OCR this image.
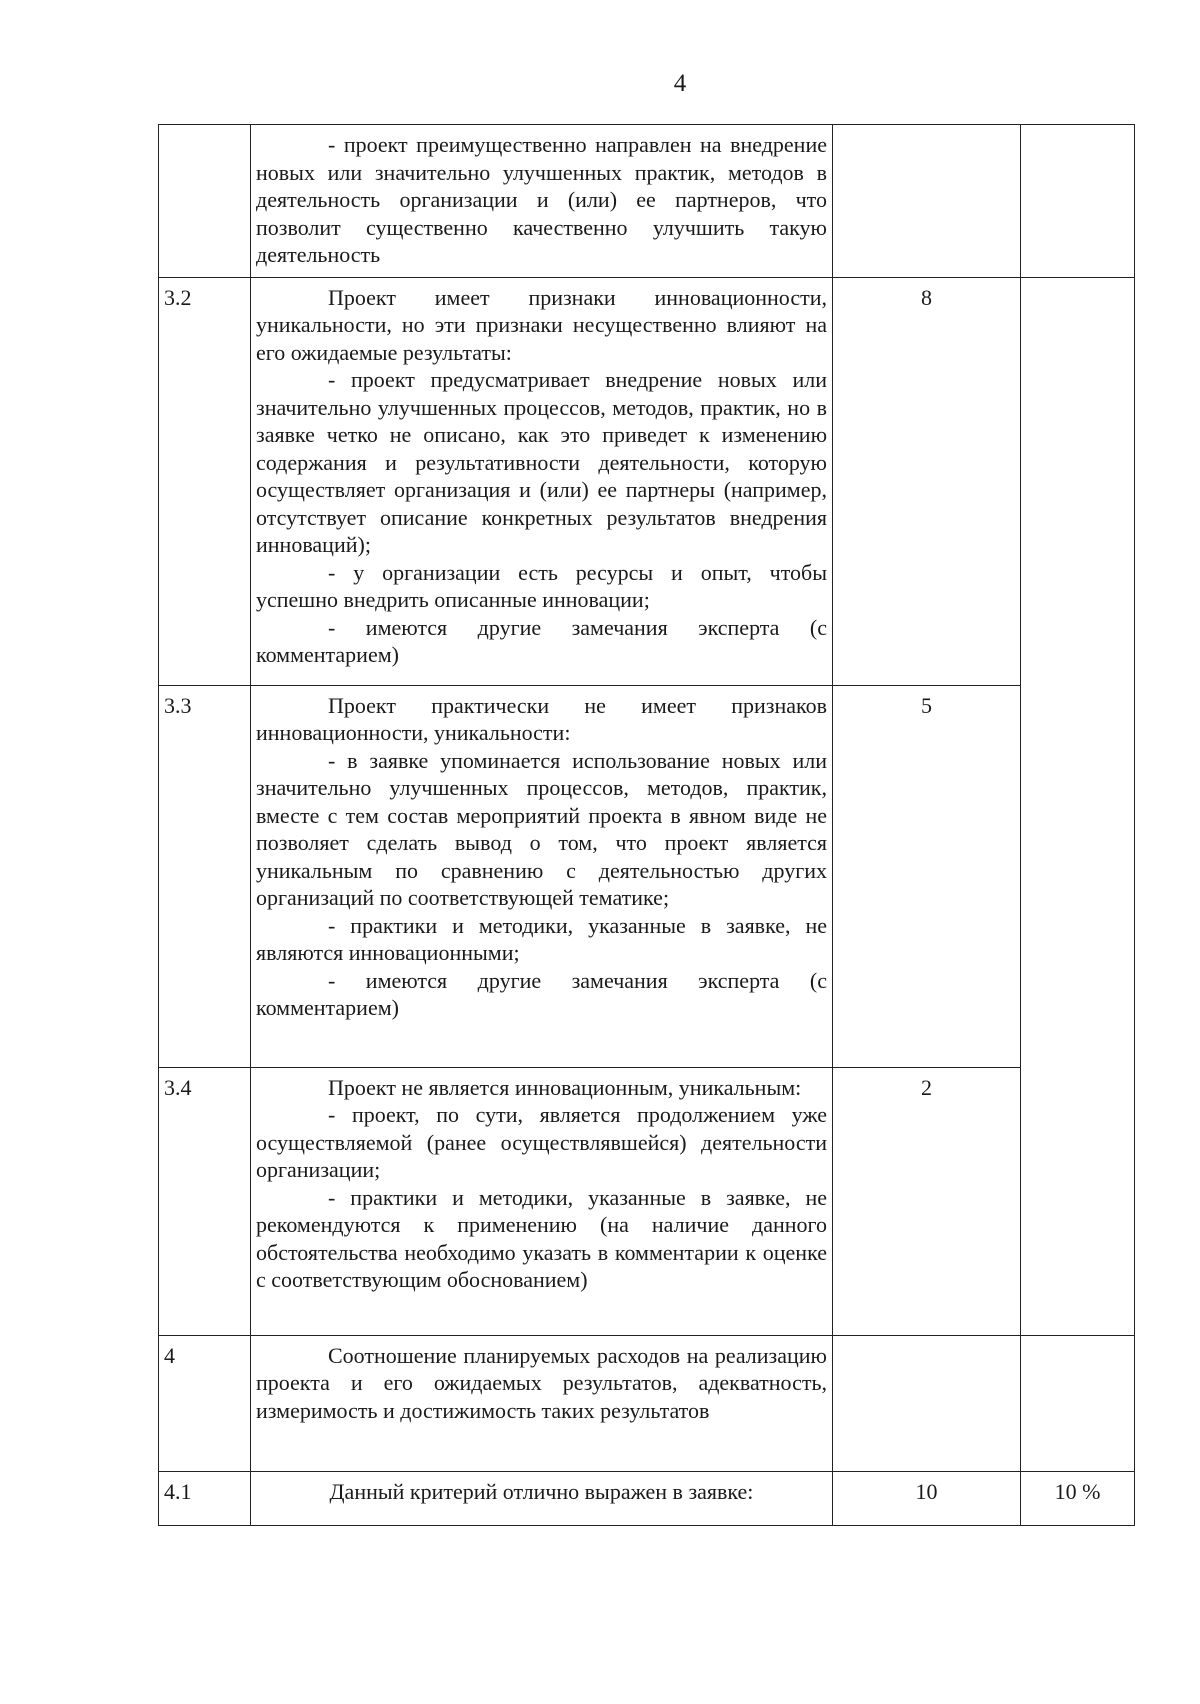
4

	- проект преимущественно направлен на внедрение новых или значительно улучшенных практик, методов в деятельность организации и (или) ее партнеров, что позволит существенно качественно улучшить такую деятельность		

3.2	Проект имеет признаки инновационности, уникальности, но эти признаки несущественно влияют на его ожидаемые результаты:

- проект предусматривает внедрение новых или значительно улучшенных процессов, методов, практик, но в заявке четко не описано, как это приведет к изменению содержания и результативности деятельности, которую осуществляет организация и (или) ее партнеры (например, отсутствует описание конкретных результатов внедрения инноваций);

- у организации есть ресурсы и опыт, чтобы успешно внедрить описанные инновации;

- имеются другие замечания эксперта (с комментарием)	8	
3.3	Проект практически не имеет признаков инновационности, уникальности:

- в заявке упоминается использование новых или значительно улучшенных процессов, методов, практик, вместе с тем состав мероприятий проекта в явном виде не позволяет сделать вывод о том, что проект является уникальным по сравнению с деятельностью других организаций по соответствующей тематике;

- практики и методики, указанные в заявке, не являются инновационными;

- имеются другие замечания эксперта (с комментарием)	5	
3.4	Проект не является инновационным, уникальным:

- проект, по сути, является продолжением уже осуществляемой (ранее осуществлявшейся) деятельности организации;

- практики и методики, указанные в заявке, не рекомендуются к применению (на наличие данного обстоятельства необходимо указать в комментарии к оценке с соответствующим обоснованием)	2	
4	Соотношение планируемых расходов на реализацию проекта и его ожидаемых результатов, адекватность, измеримость и достижимость таких результатов		

4.1	Данный критерий отлично выражен в заявке:	10	10 %
